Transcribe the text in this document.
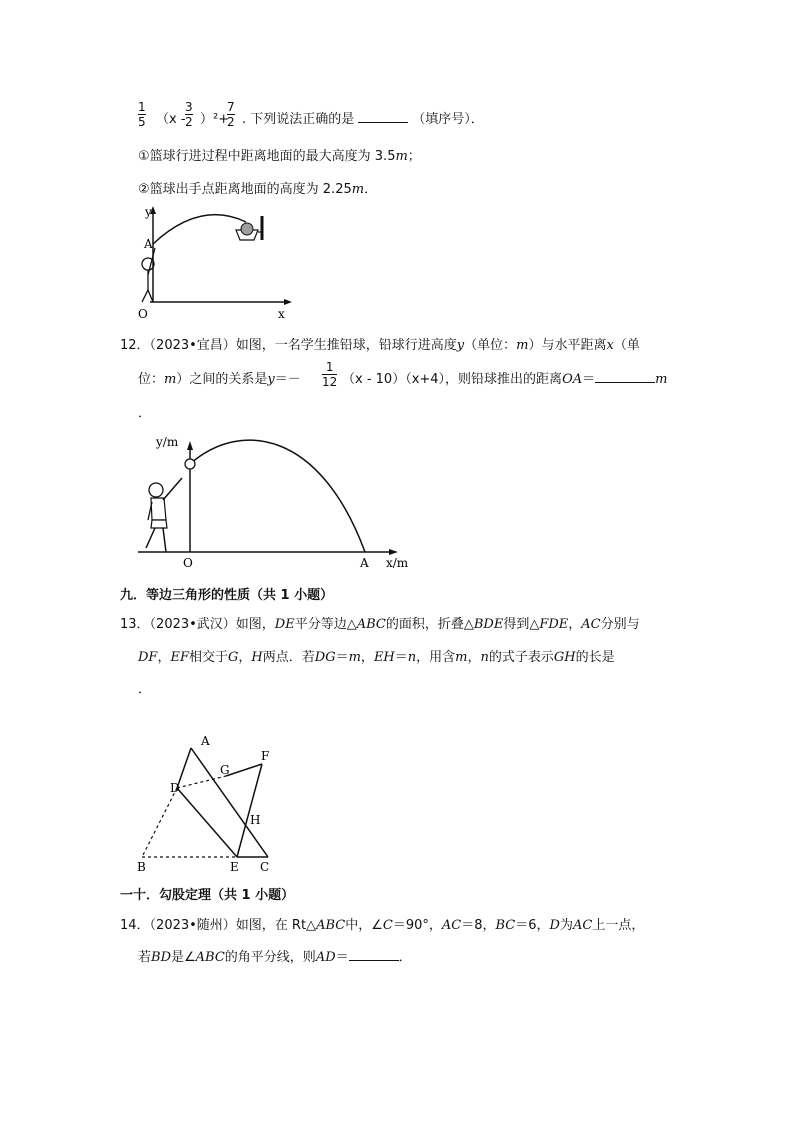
$\frac{1}{5} (x - \frac{3}{2} )^2+$
$\frac{7}{2}$ . 下列说法正确的是	（填序号）．
①篮球行进过程中距离地面的最大高度为 3.5m；
②篮球出手点距离地面的高度为 2.25m．
y
A
O	x
12．（2023•宜昌）如图，一名学生推铅球，铅球行进高度y（单位：m）与水平距离x（单
位：m）之间的关系是$y=- \frac{1}{12} (x - 10)(x+4)$，则铅球推出的距离OA＝	m
．
y/m
O	A x/m
九．等边三角形的性质（共 1 小题）
13．（2023•武汉）如图，DE平分等边△ABC的面积，折叠△BDE得到△FDE，AC分别与
DF，EF相交于G，H两点．若DG＝m，EH＝n，用含m，n的式子表示GH的长是
．
A
B	C
D
E
F
G
H
一十．勾股定理（共 1 小题）
14．（2023•随州）如图，在 Rt△ABC中，∠C＝90°，AC＝8，BC＝6，D为AC上一点，
若BD是∠ABC的角平分线，则AD＝	．
